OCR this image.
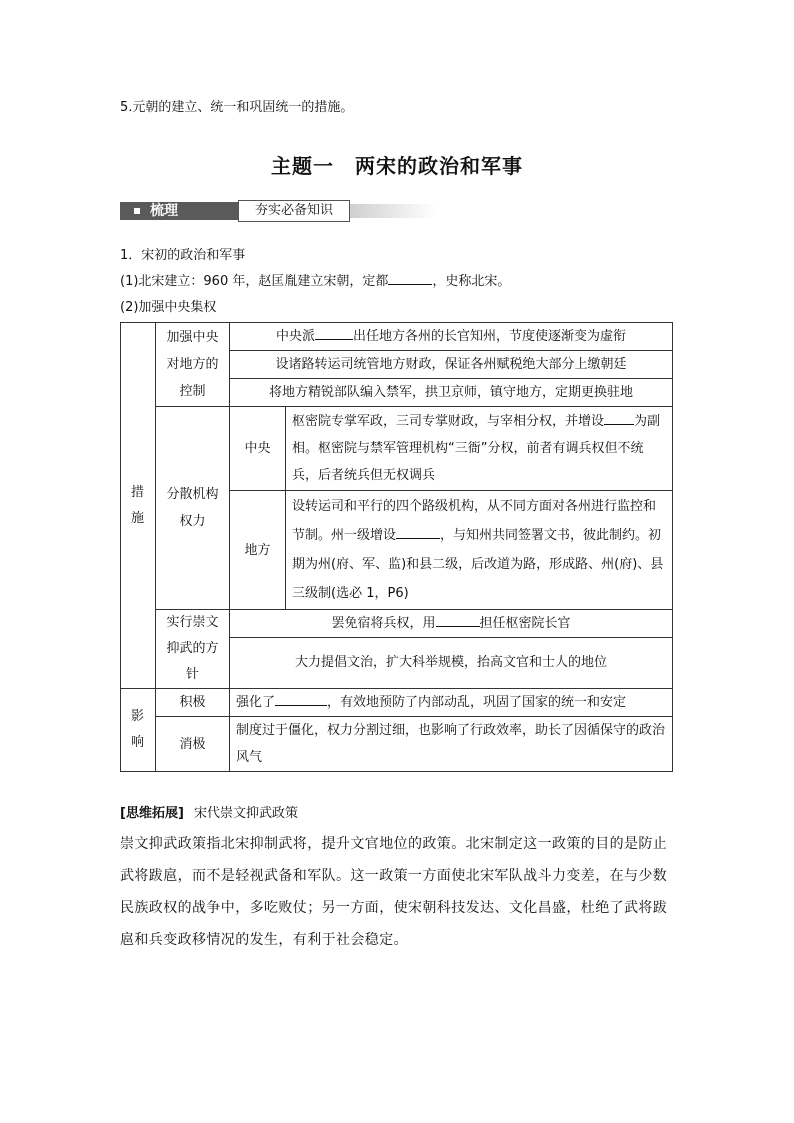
5.元朝的建立、统一和巩固统一的措施。
主题一　两宋的政治和军事
梳理	夯实必备知识
1．宋初的政治和军事
(1)北宋建立：960 年，赵匡胤建立宋朝，定都	，史称北宋。
(2)加强中央集权
措施	加强中央对地方的控制	中央派 出任地方各州的长官知州，节度使逐渐变为虚衔	
		设诸路转运司统管地方财政，保证各州赋税绝大部分上缴朝廷	
		将地方精锐部队编入禁军，拱卫京师，镇守地方，定期更换驻地	

	分散机构权力	中央	枢密院专掌军政，三司专掌财政，与宰相分权，并增设 为副相。枢密院与禁军管理机构“三衙”分权，前者有调兵权但不统兵，后者统兵但无权调兵

		地方	设转运司和平行的四个路级机构，从不同方面对各州进行监控和节制。州一级增设 ，与知州共同签署文书，彼此制约。初期为州(府、军、监)和县二级，后改道为路，形成路、州(府)、县三级制(选必 1，P6)

	实行崇文抑武的方针	罢免宿将兵权，用 担任枢密院长官	
		大力提倡文治，扩大科举规模，抬高文官和士人的地位	
影响	积极	强化了 ，有效地预防了内部动乱，巩固了国家的统一和安定	
	消极	制度过于僵化，权力分割过细，也影响了行政效率，助长了因循保守的政治风气	
[思维拓展] 宋代崇文抑武政策
崇文抑武政策指北宋抑制武将，提升文官地位的政策。北宋制定这一政策的目的是防止武将跋扈，而不是轻视武备和军队。这一政策一方面使北宋军队战斗力变差，在与少数民族政权的战争中，多吃败仗；另一方面，使宋朝科技发达、文化昌盛，杜绝了武将跋扈和兵变政移情况的发生，有利于社会稳定。
